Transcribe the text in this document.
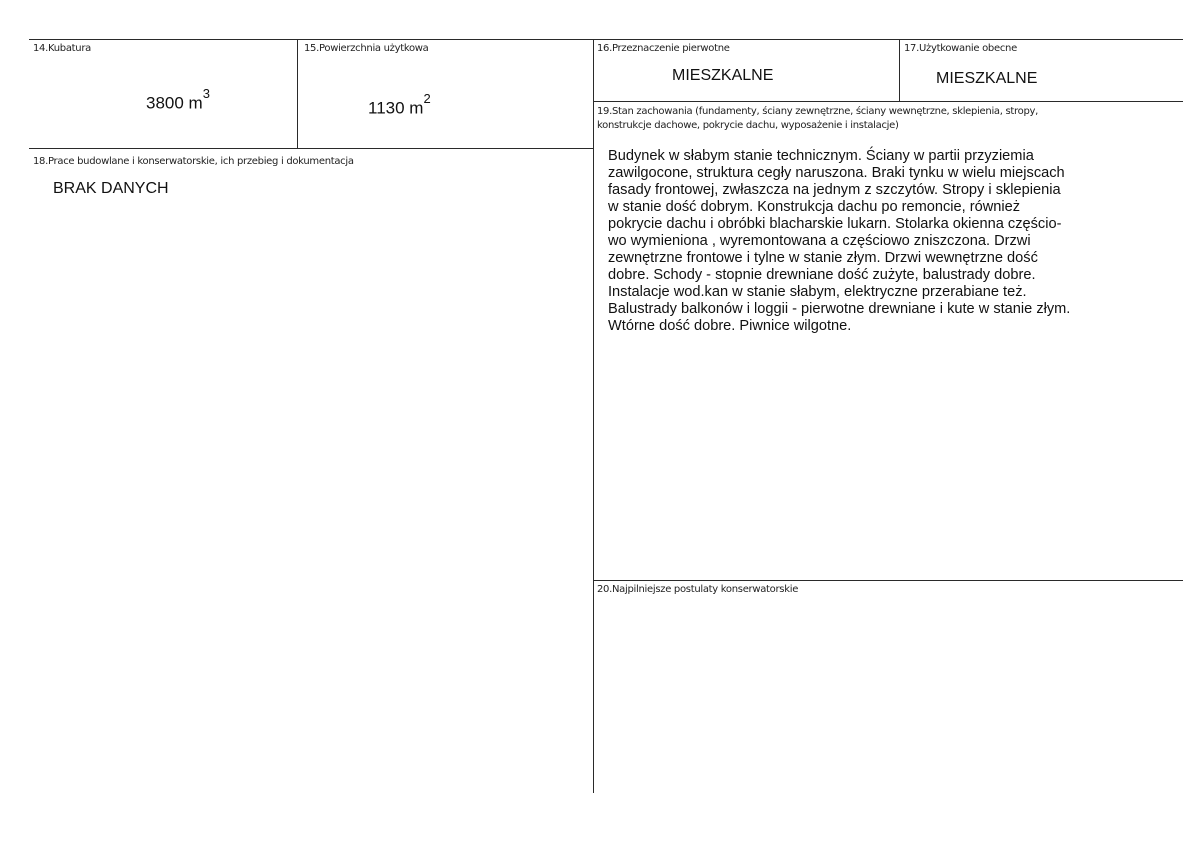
14.Kubatura
3800 $m^3$
15.Powierzchnia użytkowa
1130 $m^2$
16.Przeznaczenie pierwotne
MIESZKALNE
17.Użytkowanie obecne
MIESZKALNE
18.Prace budowlane i konserwatorskie, ich przebieg i dokumentacja
BRAK DANYCH
19.Stan zachowania (fundamenty, ściany zewnętrzne, ściany wewnętrzne, sklepienia, stropy,
konstrukcje dachowe, pokrycie dachu, wyposażenie i instalacje)
Budynek w słabym stanie technicznym. Ściany w partii przyziemia
zawilgocone, struktura cegły naruszona. Braki tynku w wielu miejscach
fasady frontowej, zwłaszcza na jednym z szczytów. Stropy i sklepienia
w stanie dość dobrym. Konstrukcja dachu po remoncie, również
pokrycie dachu i obróbki blacharskie lukarn. Stolarka okienna częścio-
wo wymieniona , wyremontowana a częściowo zniszczona. Drzwi
zewnętrzne frontowe i tylne w stanie złym. Drzwi wewnętrzne dość
dobre. Schody - stopnie drewniane dość zużyte, balustrady dobre.
Instalacje wod.kan w stanie słabym, elektryczne przerabiane też.
Balustrady balkonów i loggii - pierwotne drewniane i kute w stanie złym.
Wtórne dość dobre. Piwnice wilgotne.
20.Najpilniejsze postulaty konserwatorskie
